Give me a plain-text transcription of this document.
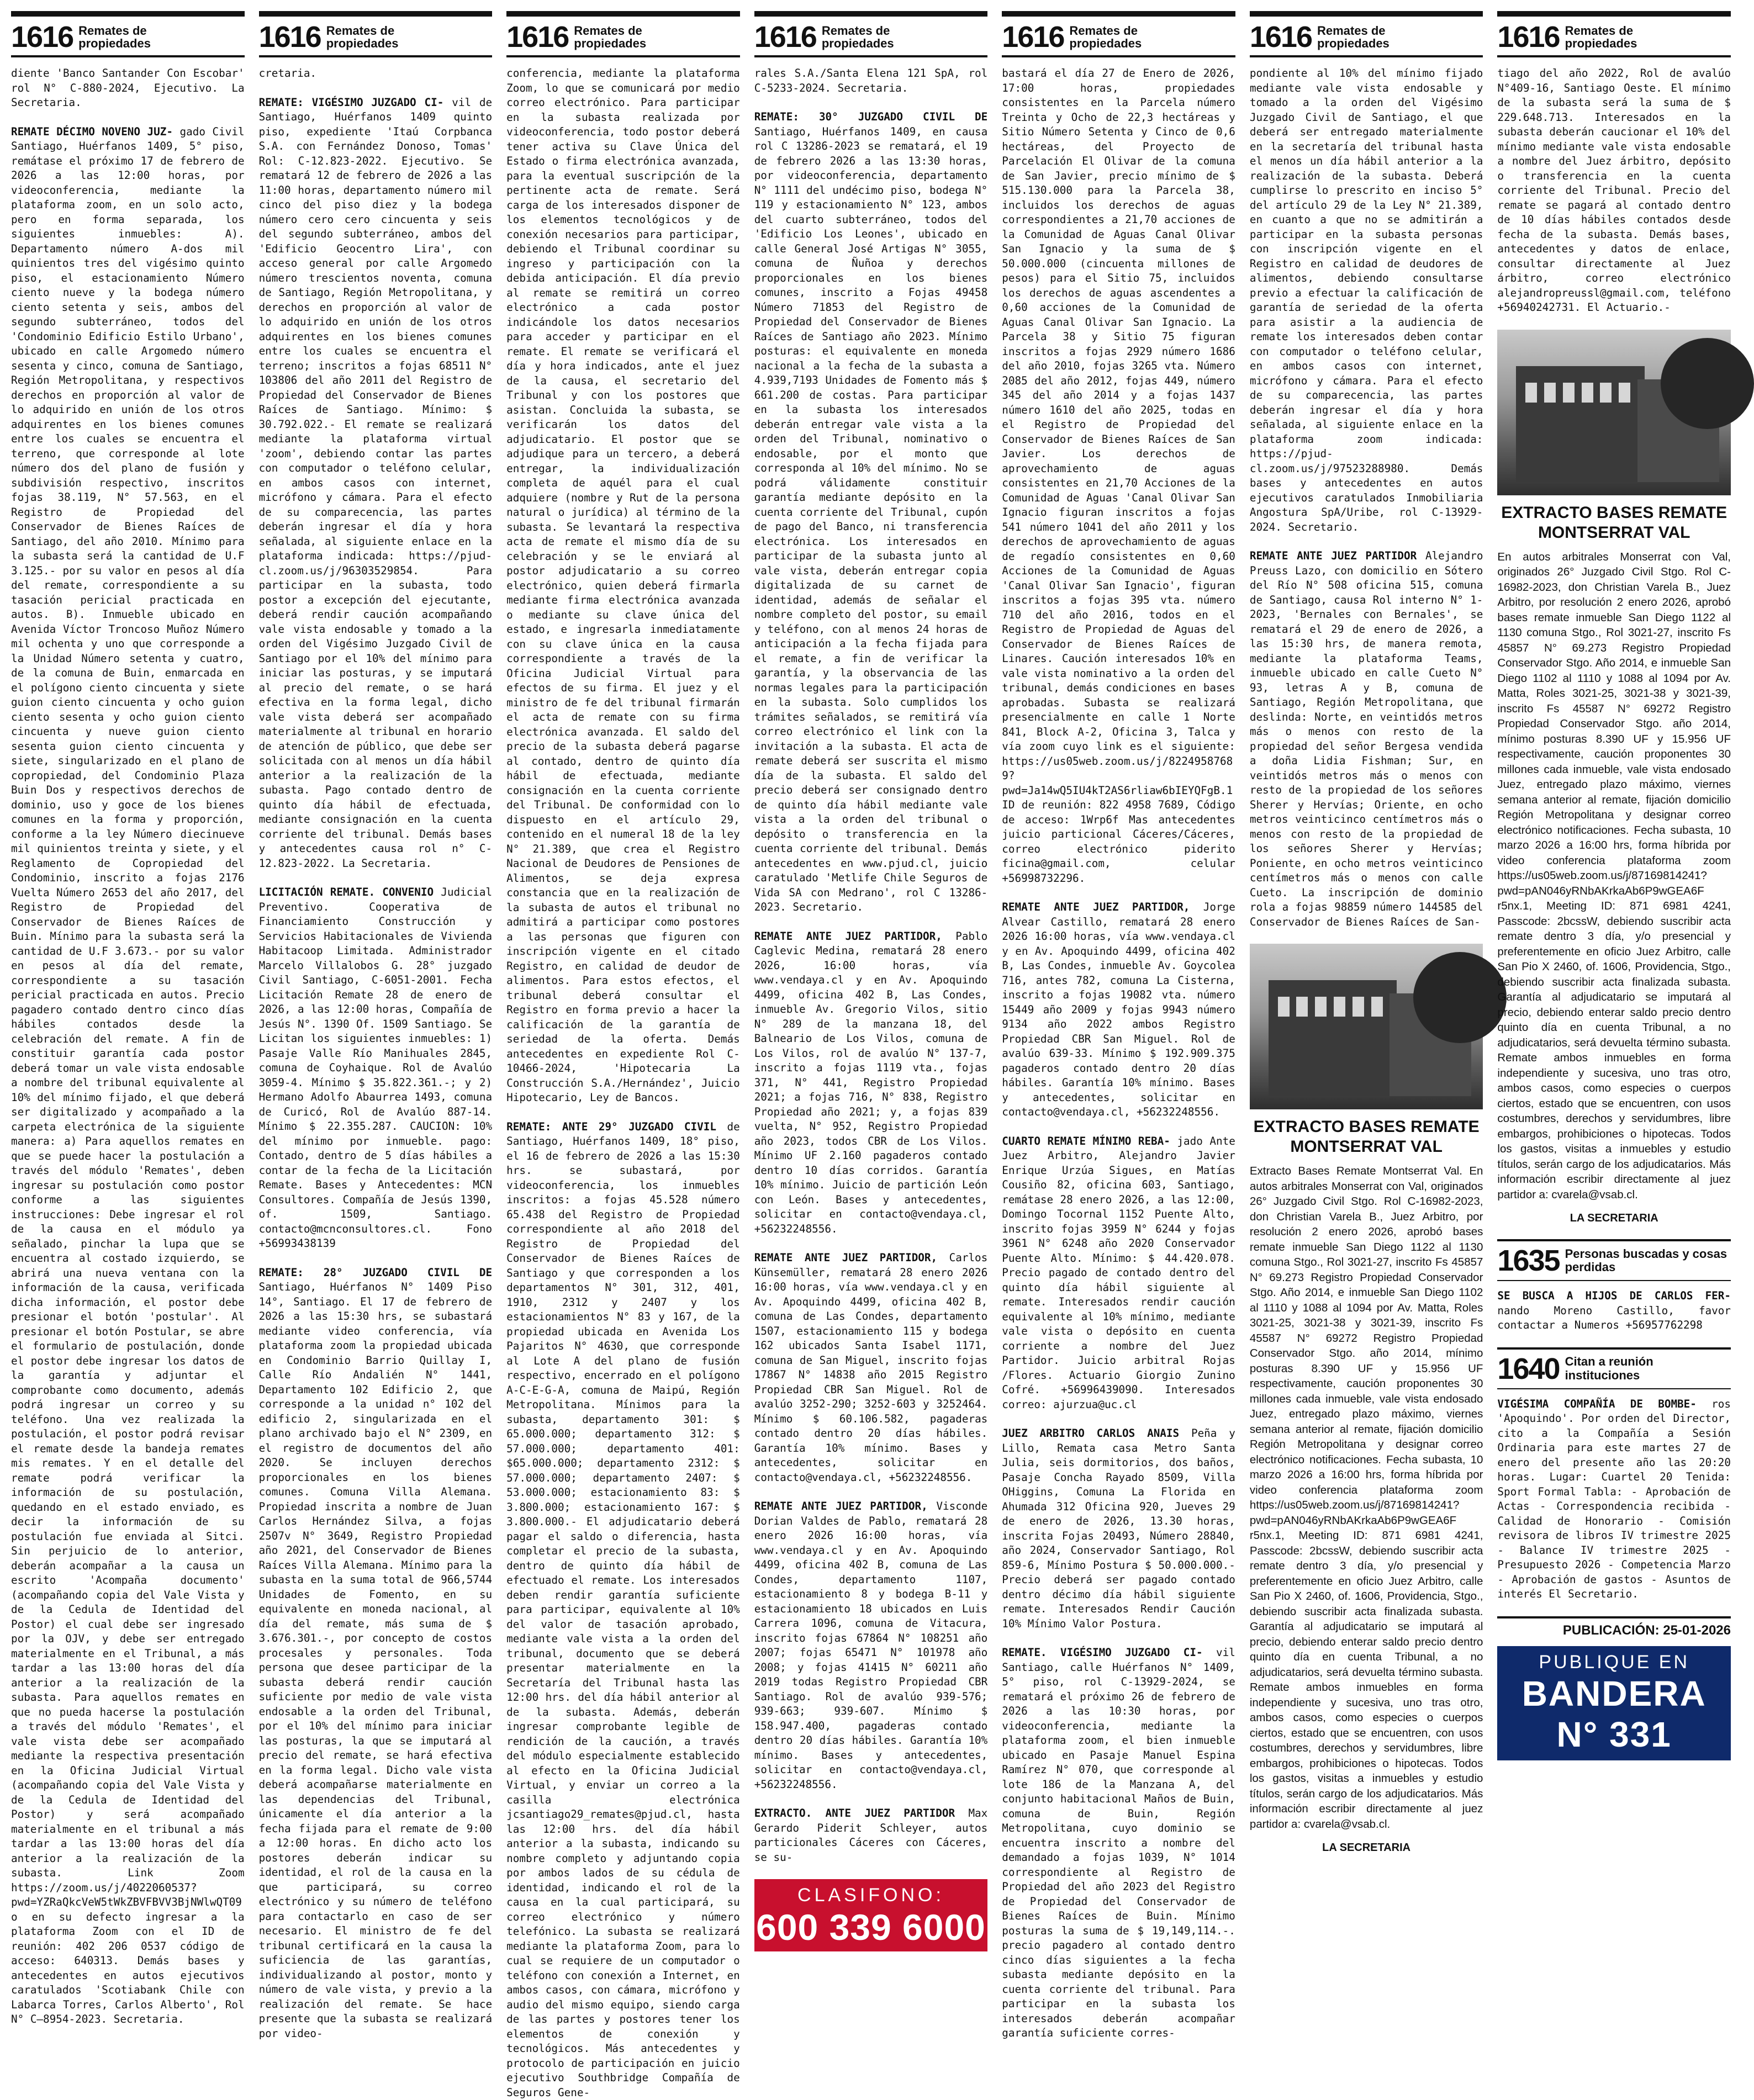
1616 Remates de propiedades

diente 'Banco Santander Con Escobar' rol N° C-880-2024, Ejecutivo. La Secretaria.

REMATE DÉCIMO NOVENO JUZ- gado Civil Santiago, Huérfanos 1409, 5° piso, remátase el próximo 17 de febrero de 2026 a las 12:00 horas, por videoconferencia, mediante la plataforma zoom, en un solo acto, pero en forma separada, los siguientes inmuebles: A). Departamento número A-dos mil quinientos tres del vigésimo quinto piso, el estacionamiento Número ciento nueve y la bodega número ciento setenta y seis, ambos del segundo subterráneo, todos del 'Condominio Edificio Estilo Urbano', ubicado en calle Argomedo número sesenta y cinco, comuna de Santiago, Región Metropolitana, y respectivos derechos en proporción al valor de lo adquirido en unión de los otros adquirentes en los bienes comunes entre los cuales se encuentra el terreno, que corresponde al lote número dos del plano de fusión y subdivisión respectivo, inscritos fojas 38.119, N° 57.563, en el Registro de Propiedad del Conservador de Bienes Raíces de Santiago, del año 2010. Mínimo para la subasta será la cantidad de U.F 3.125.- por su valor en pesos al día del remate, correspondiente a su tasación pericial practicada en autos. B). Inmueble ubicado en Avenida Víctor Troncoso Muñoz Número mil ochenta y uno que corresponde a la Unidad Número setenta y cuatro, de la comuna de Buin, enmarcada en el polígono ciento cincuenta y siete guion ciento cincuenta y ocho guion ciento sesenta y ocho guion ciento cincuenta y nueve guion ciento sesenta guion ciento cincuenta y siete, singularizado en el plano de copropiedad, del Condominio Plaza Buin Dos y respectivos derechos de dominio, uso y goce de los bienes comunes en la forma y proporción, conforme a la ley Número diecinueve mil quinientos treinta y siete, y el Reglamento de Copropiedad del Condominio, inscrito a fojas 2176 Vuelta Número 2653 del año 2017, del Registro de Propiedad del Conservador de Bienes Raíces de Buin. Mínimo para la subasta será la cantidad de U.F 3.673.- por su valor en pesos al día del remate, correspondiente a su tasación pericial practicada en autos. Precio pagadero contado dentro cinco días hábiles contados desde la celebración del remate. A fin de constituir garantía cada postor deberá tomar un vale vista endosable a nombre del tribunal equivalente al 10% del mínimo fijado, el que deberá ser digitalizado y acompañado a la carpeta electrónica de la siguiente manera: a) Para aquellos remates en que se puede hacer la postulación a través del módulo 'Remates', deben ingresar su postulación como postor conforme a las siguientes instrucciones: Debe ingresar el rol de la causa en el módulo ya señalado, pinchar la lupa que se encuentra al costado izquierdo, se abrirá una nueva ventana con la información de la causa, verificada dicha información, el postor debe presionar el botón 'postular'. Al presionar el botón Postular, se abre el formulario de postulación, donde el postor debe ingresar los datos de la garantía y adjuntar el comprobante como documento, además podrá ingresar un correo y su teléfono. Una vez realizada la postulación, el postor podrá revisar el remate desde la bandeja remates mis remates. Y en el detalle del remate podrá verificar la información de su postulación, quedando en el estado enviado, es decir la información de su postulación fue enviada al Sitci. Sin perjuicio de lo anterior, deberán acompañar a la causa un escrito 'Acompaña documento' (acompañando copia del Vale Vista y de la Cedula de Identidad del Postor) el cual debe ser ingresado por la OJV, y debe ser entregado materialmente en el Tribunal, a más tardar a las 13:00 horas del día anterior a la realización de la subasta. Para aquellos remates en que no pueda hacerse la postulación a través del módulo 'Remates', el vale vista debe ser acompañado mediante la respectiva presentación en la Oficina Judicial Virtual (acompañando copia del Vale Vista y de la Cedula de Identidad del Postor) y será acompañado materialmente en el tribunal a más tardar a las 13:00 horas del día anterior a la realización de la subasta. Link Zoom https://zoom.us/j/4022060537?pwd=YZRaQkcVeW5tWkZBVFBVV3BjNWlwQT09 o en su defecto ingresar a la plataforma Zoom con el ID de reunión: 402 206 0537 código de acceso: 640313. Demás bases y antecedentes en autos ejecutivos caratulados 'Scotiabank Chile con Labarca Torres, Carlos Alberto', Rol N° C—8954-2023. Secretaria.

1616 Remates de propiedades

cretaria.

REMATE: VIGÉSIMO JUZGADO CI- vil de Santiago, Huérfanos 1409 quinto piso, expediente 'Itaú Corpbanca S.A. con Fernández Donoso, Tomas' Rol: C-12.823-2022. Ejecutivo. Se rematará 12 de febrero de 2026 a las 11:00 horas, departamento número mil cinco del piso diez y la bodega número cero cero cincuenta y seis del segundo subterráneo, ambos del 'Edificio Geocentro Lira', con acceso general por calle Argomedo número trescientos noventa, comuna de Santiago, Región Metropolitana, y derechos en proporción al valor de lo adquirido en unión de los otros adquirentes en los bienes comunes entre los cuales se encuentra el terreno; inscritos a fojas 68511 N° 103806 del año 2011 del Registro de Propiedad del Conservador de Bienes Raíces de Santiago. Mínimo: $ 30.792.022.- El remate se realizará mediante la plataforma virtual 'zoom', debiendo contar las partes con computador o teléfono celular, en ambos casos con internet, micrófono y cámara. Para el efecto de su comparecencia, las partes deberán ingresar el día y hora señalada, al siguiente enlace en la plataforma indicada: https://pjud-cl.zoom.us/j/96303529854. Para participar en la subasta, todo postor a excepción del ejecutante, deberá rendir caución acompañando vale vista endosable y tomado a la orden del Vigésimo Juzgado Civil de Santiago por el 10% del mínimo para iniciar las posturas, y se imputará al precio del remate, o se hará efectiva en la forma legal, dicho vale vista deberá ser acompañado materialmente al tribunal en horario de atención de público, que debe ser solicitada con al menos un día hábil anterior a la realización de la subasta. Pago contado dentro de quinto día hábil de efectuada, mediante consignación en la cuenta corriente del tribunal. Demás bases y antecedentes causa rol n° C-12.823-2022. La Secretaria.

LICITACIÓN REMATE. CONVENIO Judicial Preventivo. Cooperativa de Financiamiento Construcción y Servicios Habitacionales de Vivienda Habitacoop Limitada. Administrador Marcelo Villalobos G. 28° juzgado Civil Santiago, C-6051-2001. Fecha Licitación Remate 28 de enero de 2026, a las 12:00 horas, Compañía de Jesús N°. 1390 Of. 1509 Santiago. Se Licitan los siguientes inmuebles: 1) Pasaje Valle Río Manihuales 2845, comuna de Coyhaique. Rol de Avalúo 3059-4. Mínimo $ 35.822.361.-; y 2) Hermano Adolfo Abaurrea 1493, comuna de Curicó, Rol de Avalúo 887-14. Mínimo $ 22.355.287. CAUCION: 10% del mínimo por inmueble. pago: Contado, dentro de 5 días hábiles a contar de la fecha de la Licitación Remate. Bases y Antecedentes: MCN Consultores. Compañía de Jesús 1390, of. 1509, Santiago. contacto@mcnconsultores.cl. Fono +56993438139

REMATE: 28° JUZGADO CIVIL DE Santiago, Huérfanos N° 1409 Piso 14°, Santiago. El 17 de febrero de 2026 a las 15:30 hrs, se subastará mediante video conferencia, vía plataforma zoom la propiedad ubicada en Condominio Barrio Quillay I, Calle Río Andalién N° 1441, Departamento 102 Edificio 2, que corresponde a la unidad n° 102 del edificio 2, singularizada en el plano archivado bajo el N° 2309, en el registro de documentos del año 2020. Se incluyen derechos proporcionales en los bienes comunes. Comuna Villa Alemana. Propiedad inscrita a nombre de Juan Carlos Hernández Silva, a fojas 2507v N° 3649, Registro Propiedad año 2021, del Conservador de Bienes Raíces Villa Alemana. Mínimo para la subasta en la suma total de 966,5744 Unidades de Fomento, en su equivalente en moneda nacional, al día del remate, más suma de $ 3.676.301.-, por concepto de costos procesales y personales. Toda persona que desee participar de la subasta deberá rendir caución suficiente por medio de vale vista endosable a la orden del Tribunal, por el 10% del mínimo para iniciar las posturas, la que se imputará al precio del remate, se hará efectiva en la forma legal. Dicho vale vista deberá acompañarse materialmente en las dependencias del Tribunal, únicamente el día anterior a la fecha fijada para el remate de 9:00 a 12:00 horas. En dicho acto los postores deberán indicar su identidad, el rol de la causa en la que participará, su correo electrónico y su número de teléfono para contactarlo en caso de ser necesario. El ministro de fe del tribunal certificará en la causa la suficiencia de las garantías, individualizando al postor, monto y número de vale vista, y previo a la realización del remate. Se hace presente que la subasta se realizará por video-

1616 Remates de propiedades

conferencia, mediante la plataforma Zoom, lo que se comunicará por medio correo electrónico. Para participar en la subasta realizada por videoconferencia, todo postor deberá tener activa su Clave Única del Estado o firma electrónica avanzada, para la eventual suscripción de la pertinente acta de remate. Será carga de los interesados disponer de los elementos tecnológicos y de conexión necesarios para participar, debiendo el Tribunal coordinar su ingreso y participación con la debida anticipación. El día previo al remate se remitirá un correo electrónico a cada postor indicándole los datos necesarios para acceder y participar en el remate. El remate se verificará el día y hora indicados, ante el juez de la causa, el secretario del Tribunal y con los postores que asistan. Concluida la subasta, se verificarán los datos del adjudicatario. El postor que se adjudique para un tercero, a deberá entregar, la individualización completa de aquél para el cual adquiere (nombre y Rut de la persona natural o jurídica) al término de la subasta. Se levantará la respectiva acta de remate el mismo día de su celebración y se le enviará al postor adjudicatario a su correo electrónico, quien deberá firmarla mediante firma electrónica avanzada o mediante su clave única del estado, e ingresarla inmediatamente con su clave única en la causa correspondiente a través de la Oficina Judicial Virtual para efectos de su firma. El juez y el ministro de fe del tribunal firmarán el acta de remate con su firma electrónica avanzada. El saldo del precio de la subasta deberá pagarse al contado, dentro de quinto día hábil de efectuada, mediante consignación en la cuenta corriente del Tribunal. De conformidad con lo dispuesto en el artículo 29, contenido en el numeral 18 de la ley N° 21.389, que crea el Registro Nacional de Deudores de Pensiones de Alimentos, se deja expresa constancia que en la realización de la subasta de autos el tribunal no admitirá a participar como postores a las personas que figuren con inscripción vigente en el citado Registro, en calidad de deudor de alimentos. Para estos efectos, el tribunal deberá consultar el Registro en forma previo a hacer la calificación de la garantía de seriedad de la oferta. Demás antecedentes en expediente Rol C-10466-2024, 'Hipotecaria La Construcción S.A./Hernández', Juicio Hipotecario, Ley de Bancos.

REMATE: ANTE 29° JUZGADO CIVIL de Santiago, Huérfanos 1409, 18° piso, el 16 de febrero de 2026 a las 15:30 hrs. se subastará, por videoconferencia, los inmuebles inscritos: a fojas 45.528 número 65.438 del Registro de Propiedad correspondiente al año 2018 del Registro de Propiedad del Conservador de Bienes Raíces de Santiago y que corresponden a los departamentos N° 301, 312, 401, 1910, 2312 y 2407 y los estacionamientos N° 83 y 167, de la propiedad ubicada en Avenida Los Pajaritos N° 4630, que corresponde al Lote A del plano de fusión respectivo, encerrado en el polígono A-C-E-G-A, comuna de Maipú, Región Metropolitana. Mínimos para la subasta, departamento 301: $ 65.000.000; departamento 312: $ 57.000.000; departamento 401: $65.000.000; departamento 2312: $ 57.000.000; departamento 2407: $ 53.000.000; estacionamiento 83: $ 3.800.000; estacionamiento 167: $ 3.800.000.- El adjudicatario deberá pagar el saldo o diferencia, hasta completar el precio de la subasta, dentro de quinto día hábil de efectuado el remate. Los interesados deben rendir garantía suficiente para participar, equivalente al 10% del valor de tasación aprobado, mediante vale vista a la orden del tribunal, documento que se deberá presentar materialmente en la Secretaría del Tribunal hasta las 12:00 hrs. del día hábil anterior al de la subasta. Además, deberán ingresar comprobante legible de rendición de la caución, a través del módulo especialmente establecido al efecto en la Oficina Judicial Virtual, y enviar un correo a la casilla electrónica jcsantiago29_remates@pjud.cl, hasta las 12:00 hrs. del día hábil anterior a la subasta, indicando su nombre completo y adjuntando copia por ambos lados de su cédula de identidad, indicando el rol de la causa en la cual participará, su correo electrónico y número telefónico. La subasta se realizará mediante la plataforma Zoom, para lo cual se requiere de un computador o teléfono con conexión a Internet, en ambos casos, con cámara, micrófono y audio del mismo equipo, siendo carga de las partes y postores tener los elementos de conexión y tecnológicos. Más antecedentes y protocolo de participación en juicio ejecutivo Southbridge Compañía de Seguros Gene-

1616 Remates de propiedades

rales S.A./Santa Elena 121 SpA, rol C-5233-2024. Secretaria.

REMATE: 30° JUZGADO CIVIL DE Santiago, Huérfanos 1409, en causa rol C 13286-2023 se rematará, el 19 de febrero 2026 a las 13:30 horas, por videoconferencia, departamento N° 1111 del undécimo piso, bodega N° 119 y estacionamiento N° 123, ambos del cuarto subterráneo, todos del 'Edificio Los Leones', ubicado en calle General José Artigas N° 3055, comuna de Ñuñoa y derechos proporcionales en los bienes comunes, inscrito a Fojas 49458 Número 71853 del Registro de Propiedad del Conservador de Bienes Raíces de Santiago año 2023. Mínimo posturas: el equivalente en moneda nacional a la fecha de la subasta a 4.939,7193 Unidades de Fomento más $ 661.200 de costas. Para participar en la subasta los interesados deberán entregar vale vista a la orden del Tribunal, nominativo o endosable, por el monto que corresponda al 10% del mínimo. No se podrá válidamente constituir garantía mediante depósito en la cuenta corriente del Tribunal, cupón de pago del Banco, ni transferencia electrónica. Los interesados en participar de la subasta junto al vale vista, deberán entregar copia digitalizada de su carnet de identidad, además de señalar el nombre completo del postor, su email y teléfono, con al menos 24 horas de anticipación a la fecha fijada para el remate, a fin de verificar la garantía, y la observancia de las normas legales para la participación en la subasta. Solo cumplidos los trámites señalados, se remitirá vía correo electrónico el link con la invitación a la subasta. El acta de remate deberá ser suscrita el mismo día de la subasta. El saldo del precio deberá ser consignado dentro de quinto día hábil mediante vale vista a la orden del tribunal o depósito o transferencia en la cuenta corriente del tribunal. Demás antecedentes en www.pjud.cl, juicio caratulado 'Metlife Chile Seguros de Vida SA con Medrano', rol C 13286-2023. Secretario.

REMATE ANTE JUEZ PARTIDOR, Pablo Caglevic Medina, rematará 28 enero 2026, 16:00 horas, vía www.vendaya.cl y en Av. Apoquindo 4499, oficina 402 B, Las Condes, inmueble Av. Gregorio Vilos, sitio N° 289 de la manzana 18, del Balneario de Los Vilos, comuna de Los Vilos, rol de avalúo N° 137-7, inscrito a fojas 1119 vta., fojas 371, N° 441, Registro Propiedad 2021; a fojas 716, N° 838, Registro Propiedad año 2021; y, a fojas 839 vuelta, N° 952, Registro Propiedad año 2023, todos CBR de Los Vilos. Mínimo UF 2.160 pagaderos contado dentro 10 días corridos. Garantía 10% mínimo. Juicio de partición León con León. Bases y antecedentes, solicitar en contacto@vendaya.cl, +56232248556.

REMATE ANTE JUEZ PARTIDOR, Carlos Künsemüller, rematará 28 enero 2026 16:00 horas, vía www.vendaya.cl y en Av. Apoquindo 4499, oficina 402 B, comuna de Las Condes, departamento 1507, estacionamiento 115 y bodega 162 ubicados Santa Isabel 1171, comuna de San Miguel, inscrito fojas 17867 N° 14838 año 2015 Registro Propiedad CBR San Miguel. Rol de avalúo 3252-290; 3252-603 y 3252464. Mínimo $ 60.106.582, pagaderas contado dentro 20 días hábiles. Garantía 10% mínimo. Bases y antecedentes, solicitar en contacto@vendaya.cl, +56232248556.

REMATE ANTE JUEZ PARTIDOR, Visconde Dorian Valdes de Pablo, rematará 28 enero 2026 16:00 horas, vía www.vendaya.cl y en Av. Apoquindo 4499, oficina 402 B, comuna de Las Condes, departamento 1107, estacionamiento 8 y bodega B-11 y estacionamiento 18 ubicados en Luis Carrera 1096, comuna de Vitacura, inscrito fojas 67864 N° 108251 año 2007; fojas 65471 N° 101978 año 2008; y fojas 41415 N° 60211 año 2019 todas Registro Propiedad CBR Santiago. Rol de avalúo 939-576; 939-663; 939-607. Mínimo $ 158.947.400, pagaderas contado dentro 20 días hábiles. Garantía 10% mínimo. Bases y antecedentes, solicitar en contacto@vendaya.cl, +56232248556.

EXTRACTO. ANTE JUEZ PARTIDOR Max Gerardo Piderit Schleyer, autos particionales Cáceres con Cáceres, se su-

CLASIFONO:
600 339 6000
1616 Remates de propiedades

bastará el día 27 de Enero de 2026, 17:00 horas, propiedades consistentes en la Parcela número Treinta y Ocho de 22,3 hectáreas y Sitio Número Setenta y Cinco de 0,6 hectáreas, del Proyecto de Parcelación El Olivar de la comuna de San Javier, precio mínimo de $ 515.130.000 para la Parcela 38, incluidos los derechos de aguas correspondientes a 21,70 acciones de la Comunidad de Aguas Canal Olivar San Ignacio y la suma de $ 50.000.000 (cincuenta millones de pesos) para el Sitio 75, incluidos los derechos de aguas ascendentes a 0,60 acciones de la Comunidad de Aguas Canal Olivar San Ignacio. La Parcela 38 y Sitio 75 figuran inscritos a fojas 2929 número 1686 del año 2010, fojas 3265 vta. Número 2085 del año 2012, fojas 449, número 345 del año 2014 y a fojas 1437 número 1610 del año 2025, todas en el Registro de Propiedad del Conservador de Bienes Raíces de San Javier. Los derechos de aprovechamiento de aguas consistentes en 21,70 Acciones de la Comunidad de Aguas 'Canal Olivar San Ignacio figuran inscritos a fojas 541 número 1041 del año 2011 y los derechos de aprovechamiento de aguas de regadío consistentes en 0,60 Acciones de la Comunidad de Aguas 'Canal Olivar San Ignacio', figuran inscritos a fojas 395 vta. número 710 del año 2016, todos en el Registro de Propiedad de Aguas del Conservador de Bienes Raíces de Linares. Caución interesados 10% en vale vista nominativo a la orden del tribunal, demás condiciones en bases aprobadas. Subasta se realizará presencialmente en calle 1 Norte 841, Block A-2, Oficina 3, Talca y vía zoom cuyo link es el siguiente: https://us05web.zoom.us/j/82249587689?pwd=Ja14wQ5IU4kT2AS6rliaw6bIEYQFgB.1 ID de reunión: 822 4958 7689, Código de acceso: 1Wrp6f Mas antecedentes juicio particional Cáceres/Cáceres, correo electrónico piderito​ficina@gmail.com, celular +56998732296.

REMATE ANTE JUEZ PARTIDOR, Jorge Alvear Castillo, rematará 28 enero 2026 16:00 horas, vía www.vendaya.cl y en Av. Apoquindo 4499, oficina 402 B, Las Condes, inmueble Av. Goycolea 716, antes 782, comuna La Cisterna, inscrito a fojas 19082 vta. número 15449 año 2009 y fojas 9943 número 9134 año 2022 ambos Registro Propiedad CBR San Miguel. Rol de avalúo 639-33. Mínimo $ 192.909.375 pagaderos contado dentro 20 días hábiles. Garantía 10% mínimo. Bases y antecedentes, solicitar en contacto@vendaya.cl, +56232248556.

CUARTO REMATE MÍNIMO REBA- jado Ante Juez Arbitro, Alejandro Javier Enrique Urzúa Sigues, en Matías Cousiño 82, oficina 603, Santiago, remátase 28 enero 2026, a las 12:00, Domingo Tocornal 1152 Puente Alto, inscrito fojas 3959 N° 6244 y fojas 3961 N° 6248 año 2020 Conservador Puente Alto. Mínimo: $ 44.420.078. Precio pagado de contado dentro del quinto día hábil siguiente al remate. Interesados rendir caución equivalente al 10% mínimo, mediante vale vista o depósito en cuenta corriente a nombre del Juez Partidor. Juicio arbitral Rojas /Flores. Actuario Giorgio Zunino Cofré. +56996439090. Interesados correo: ajurzua@uc.cl

JUEZ ARBITRO CARLOS ANAIS Peña y Lillo, Remata casa Metro Santa Julia, seis dormitorios, dos baños, Pasaje Concha Rayado 8509, Villa OHiggins, Comuna La Florida en Ahumada 312 Oficina 920, Jueves 29 de enero de 2026, 13.30 horas, inscrita Fojas 20493, Número 28840, año 2024, Conservador Santiago, Rol 859-6, Mínimo Postura $ 50.000.000.- Precio deberá ser pagado contado dentro décimo día hábil siguiente remate. Interesados Rendir Caución 10% Mínimo Valor Postura.

REMATE. VIGÉSIMO JUZGADO CI- vil Santiago, calle Huérfanos N° 1409, 5° piso, rol C-13929-2024, se rematará el próximo 26 de febrero de 2026 a las 10:30 horas, por videoconferencia, mediante la plataforma zoom, el bien inmueble ubicado en Pasaje Manuel Espina Ramírez N° 070, que corresponde al lote 186 de la Manzana A, del conjunto habitacional Maños de Buin, comuna de Buin, Región Metropolitana, cuyo dominio se encuentra inscrito a nombre del demandado a fojas 1039, N° 1014 correspondiente al Registro de Propiedad del año 2023 del Registro de Propiedad del Conservador de Bienes Raíces de Buin. Mínimo posturas la suma de $ 19,149,114.-. precio pagadero al contado dentro cinco días siguientes a la fecha subasta mediante depósito en la cuenta corriente del tribunal. Para participar en la subasta los interesados deberán acompañar garantía suficiente corres-

1616 Remates de propiedades

pondiente al 10% del mínimo fijado mediante vale vista endosable y tomado a la orden del Vigésimo Juzgado Civil de Santiago, el que deberá ser entregado materialmente en la secretaría del tribunal hasta el menos un día hábil anterior a la realización de la subasta. Deberá cumplirse lo prescrito en inciso 5° del artículo 29 de la Ley N° 21.389, en cuanto a que no se admitirán a participar en la subasta personas con inscripción vigente en el Registro en calidad de deudores de alimentos, debiendo consultarse previo a efectuar la calificación de garantía de seriedad de la oferta para asistir a la audiencia de remate los interesados deben contar con computador o teléfono celular, en ambos casos con internet, micrófono y cámara. Para el efecto de su comparecencia, las partes deberán ingresar el día y hora señalada, al siguiente enlace en la plataforma zoom indicada: https://pjud-cl.zoom.us/j/97523288980. Demás bases y antecedentes en autos ejecutivos caratulados Inmobiliaria Angostura SpA/Uribe, rol C-13929-2024. Secretario.

REMATE ANTE JUEZ PARTIDOR Alejandro Preuss Lazo, con domicilio en Sótero del Río N° 508 oficina 515, comuna de Santiago, causa Rol interno N° 1-2023, 'Bernales con Bernales', se rematará el 29 de enero de 2026, a las 15:30 hrs, de manera remota, mediante la plataforma Teams, inmueble ubicado en calle Cueto N° 93, letras A y B, comuna de Santiago, Región Metropolitana, que deslinda: Norte, en veintidós metros más o menos con resto de la propiedad del señor Bergesa vendida a doña Lidia Fishman; Sur, en veintidós metros más o menos con resto de la propiedad de los señores Sherer y Hervías; Oriente, en ocho metros veinticinco centímetros más o menos con resto de la propiedad de los señores Sherer y Hervías; Poniente, en ocho metros veinticinco centímetros más o menos con calle Cueto. La inscripción de dominio rola a fojas 98859 número 144585 del Conservador de Bienes Raíces de San-

EXTRACTO BASES REMATE MONTSERRAT VAL

Extracto Bases Remate Montserrat Val. En autos arbitrales Monserrat con Val, originados 26° Juzgado Civil Stgo. Rol C-16982-2023, don Christian Varela B., Juez Arbitro, por resolución 2 enero 2026, aprobó bases remate inmueble San Diego 1122 al 1130 comuna Stgo., Rol 3021-27, inscrito Fs 45857 N° 69.273 Registro Propiedad Conservador Stgo. Año 2014, e inmueble San Diego 1102 al 1110 y 1088 al 1094 por Av. Matta, Roles 3021-25, 3021-38 y 3021-39, inscrito Fs 45587 N° 69272 Registro Propiedad Conservador Stgo. año 2014, mínimo posturas 8.390 UF y 15.956 UF respectivamente, caución proponentes 30 millones cada inmueble, vale vista endosado Juez, entregado plazo máximo, viernes semana anterior al remate, fijación domicilio Región Metropolitana y designar correo electrónico notificaciones. Fecha subasta, 10 marzo 2026 a 16:00 hrs, forma híbrida por video conferencia plataforma zoom https://us05web.zoom.us/j/87169814241?pwd=pAN046yRNbAKrkaAb6P9wGEA6F r5nx.1, Meeting ID: 871 6981 4241, Passcode: 2bcssW, debiendo suscribir acta remate dentro 3 día, y/o presencial y preferentemente en oficio Juez Arbitro, calle San Pio X 2460, of. 1606, Providencia, Stgo., debiendo suscribir acta finalizada subasta. Garantía al adjudicatario se imputará al precio, debiendo enterar saldo precio dentro quinto día en cuenta Tribunal, a no adjudicatarios, será devuelta término subasta. Remate ambos inmuebles en forma independiente y sucesiva, uno tras otro, ambos casos, como especies o cuerpos ciertos, estado que se encuentren, con usos costumbres, derechos y servidumbres, libre embargos, prohibiciones o hipotecas. Todos los gastos, visitas a inmuebles y estudio títulos, serán cargo de los adjudicatarios. Más información escribir directamente al juez partidor a: cvarela@vsab.cl.

LA SECRETARIA
1616 Remates de propiedades

tiago del año 2022, Rol de avalúo N°409-16, Santiago Oeste. El mínimo de la subasta será la suma de $ 229.648.713. Interesados en la subasta deberán caucionar el 10% del mínimo mediante vale vista endosable a nombre del Juez árbitro, depósito o transferencia en la cuenta corriente del Tribunal. Precio del remate se pagará al contado dentro de 10 días hábiles contados desde fecha de la subasta. Demás bases, antecedentes y datos de enlace, consultar directamente al Juez árbitro, correo electrónico alejandropreussl@gmail.com, teléfono +56940242731. El Actuario.-

EXTRACTO BASES REMATE MONTSERRAT VAL

En autos arbitrales Monserrat con Val, originados 26° Juzgado Civil Stgo. Rol C-16982-2023, don Christian Varela B., Juez Arbitro, por resolución 2 enero 2026, aprobó bases remate inmueble San Diego 1122 al 1130 comuna Stgo., Rol 3021-27, inscrito Fs 45857 N° 69.273 Registro Propiedad Conservador Stgo. Año 2014, e inmueble San Diego 1102 al 1110 y 1088 al 1094 por Av. Matta, Roles 3021-25, 3021-38 y 3021-39, inscrito Fs 45587 N° 69272 Registro Propiedad Conservador Stgo. año 2014, mínimo posturas 8.390 UF y 15.956 UF respectivamente, caución proponentes 30 millones cada inmueble, vale vista endosado Juez, entregado plazo máximo, viernes semana anterior al remate, fijación domicilio Región Metropolitana y designar correo electrónico notificaciones. Fecha subasta, 10 marzo 2026 a 16:00 hrs, forma híbrida por video conferencia plataforma zoom https://us05web.zoom.us/j/87169814241?pwd=pAN046yRNbAKrkaAb6P9wGEA6F r5nx.1, Meeting ID: 871 6981 4241, Passcode: 2bcssW, debiendo suscribir acta remate dentro 3 día, y/o presencial y preferentemente en oficio Juez Arbitro, calle San Pio X 2460, of. 1606, Providencia, Stgo., debiendo suscribir acta finalizada subasta. Garantía al adjudicatario se imputará al precio, debiendo enterar saldo precio dentro quinto día en cuenta Tribunal, a no adjudicatarios, será devuelta término subasta. Remate ambos inmuebles en forma independiente y sucesiva, uno tras otro, ambos casos, como especies o cuerpos ciertos, estado que se encuentren, con usos costumbres, derechos y servidumbres, libre embargos, prohibiciones o hipotecas. Todos los gastos, visitas a inmuebles y estudio títulos, serán cargo de los adjudicatarios. Más información escribir directamente al juez partidor a: cvarela@vsab.cl.

LA SECRETARIA
1635 Personas buscadas y cosas perdidas

SE BUSCA A HIJOS DE CARLOS FER- nando Moreno Castillo, favor contactar a Numeros +56957762298

1640 Citan a reunión instituciones

VIGÉSIMA COMPAÑÍA DE BOMBE- ros 'Apoquindo'. Por orden del Director, cito a la Compañía a Sesión Ordinaria para este martes 27 de enero del presente año las 20:20 horas. Lugar: Cuartel 20 Tenida: Sport Formal Tabla: - Aprobación de Actas - Correspondencia recibida - Calidad de Honorario - Comisión revisora de libros IV trimestre 2025 - Balance IV trimestre 2025 - Presupuesto 2026 - Competencia Marzo - Aprobación de gastos - Asuntos de interés El Secretario.

PUBLICACIÓN: 25-01-2026
PUBLIQUE EN
BANDERA N° 331
